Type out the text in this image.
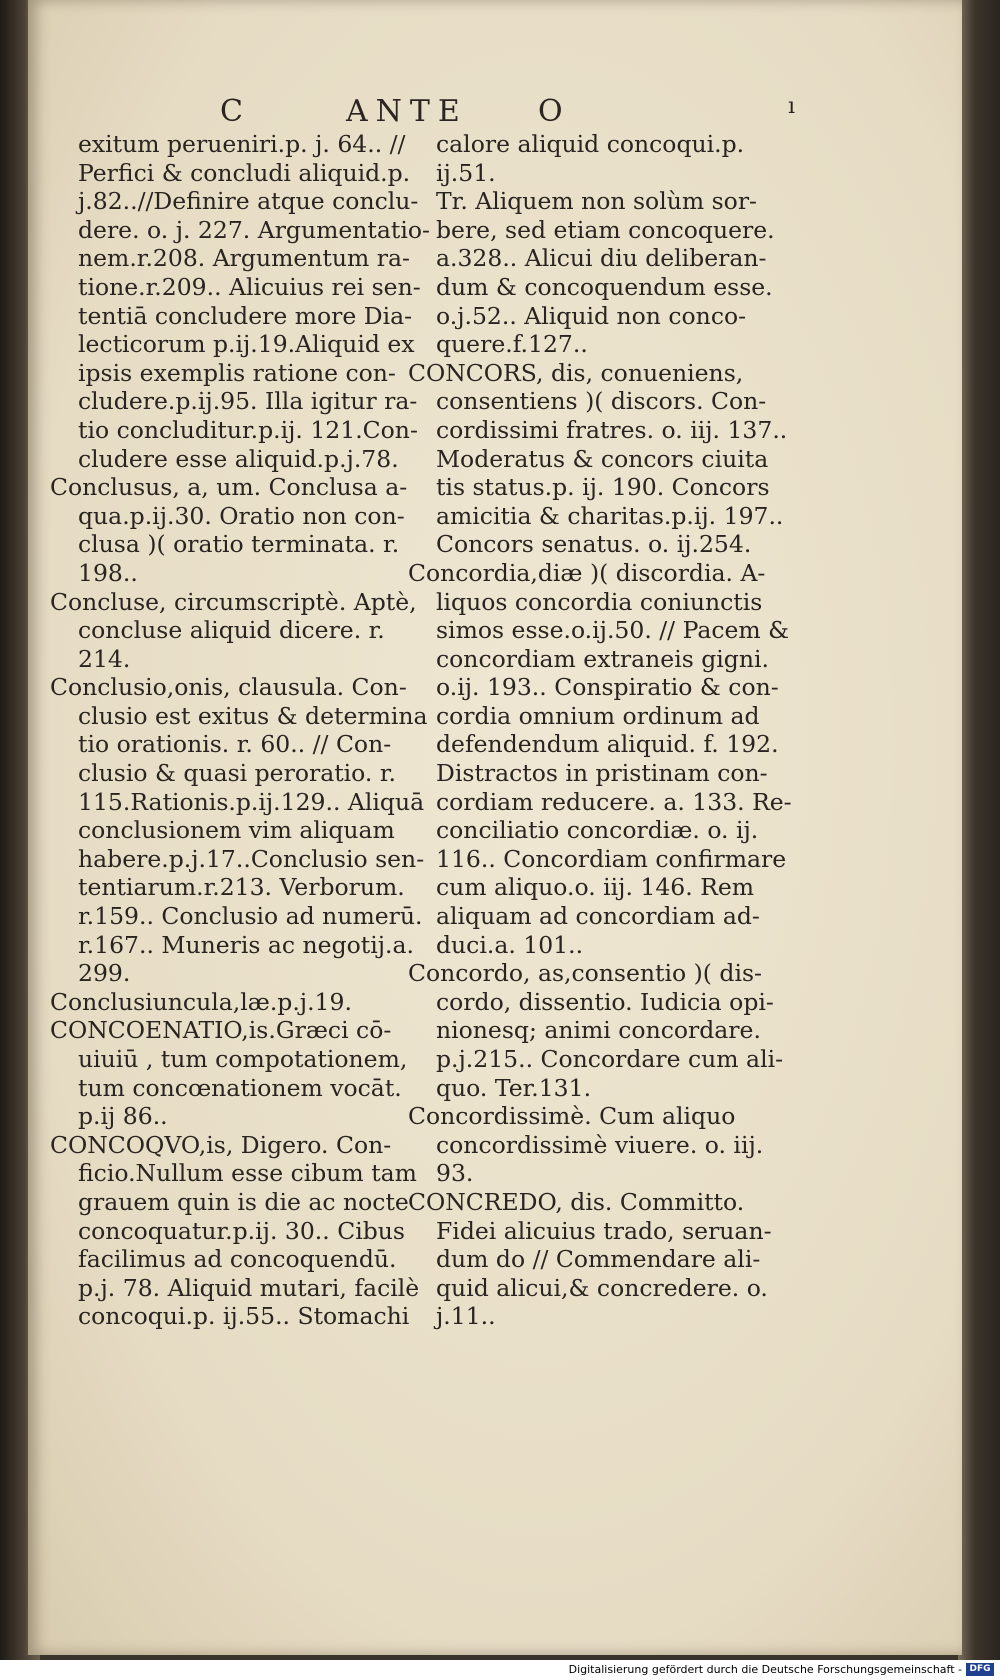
C	ANTE O	ı
exitum perueniri.p. j. 64.. //
Perfici & concludi aliquid.p.
j.82..//Definire atque conclu-
dere. o. j. 227. Argumentatio-
nem.r.208. Argumentum ra-
tione.r.209.. Alicuius rei sen-
tentiā concludere more Dia-
lecticorum p.ij.19.Aliquid ex
ipsis exemplis ratione con-
cludere.p.ij.95. Illa igitur ra-
tio concluditur.p.ij. 121.Con-
cludere esse aliquid.p.j.78.
Conclusus, a, um. Conclusa a-
qua.p.ij.30. Oratio non con-
clusa )( oratio terminata. r.
198..
Concluse, circumscriptè. Aptè,
concluse aliquid dicere. r.
214.
Conclusio,onis, clausula. Con-
clusio est exitus & determina
tio orationis. r. 60.. // Con-
clusio & quasi peroratio. r.
115.Rationis.p.ij.129.. Aliquā
conclusionem vim aliquam
habere.p.j.17..Conclusio sen-
tentiarum.r.213. Verborum.
r.159.. Conclusio ad numerū.
r.167.. Muneris ac negotij.a.
299.
Conclusiuncula,læ.p.j.19.
CONCOENATIO,is.Græci cō-
uiuiū , tum compotationem,
tum concœnationem vocāt.
p.ij 86..
CONCOQVO,is, Digero. Con-
ficio.Nullum esse cibum tam
grauem quin is die ac nocte
concoquatur.p.ij. 30.. Cibus
facilimus ad concoquendū.
p.j. 78. Aliquid mutari, facilè
concoqui.p. ij.55.. Stomachi
calore aliquid concoqui.p.
ij.51.
Tr. Aliquem non solùm sor-
bere, sed etiam concoquere.
a.328.. Alicui diu deliberan-
dum & concoquendum esse.
o.j.52.. Aliquid non conco-
quere.f.127..
CONCORS, dis, conueniens,
consentiens )( discors. Con-
cordissimi fratres. o. iij. 137..
Moderatus & concors ciuita
tis status.p. ij. 190. Concors
amicitia & charitas.p.ij. 197..
Concors senatus. o. ij.254.
Concordia,diæ )( discordia. A-
liquos concordia coniunctis
simos esse.o.ij.50. // Pacem &
concordiam extraneis gigni.
o.ij. 193.. Conspiratio & con-
cordia omnium ordinum ad
defendendum aliquid. f. 192.
Distractos in pristinam con-
cordiam reducere. a. 133. Re-
conciliatio concordiæ. o. ij.
116.. Concordiam confirmare
cum aliquo.o. iij. 146. Rem
aliquam ad concordiam ad-
duci.a. 101..
Concordo, as,consentio )( dis-
cordo, dissentio. Iudicia opi-
nionesq; animi concordare.
p.j.215.. Concordare cum ali-
quo. Ter.131.
Concordissimè. Cum aliquo
concordissimè viuere. o. iij.
93.
CONCREDO, dis. Committo.
Fidei alicuius trado, seruan-
dum do // Commendare ali-
quid alicui,& concredere. o.
j.11..
Digitalisierung gefördert durch die Deutsche Forschungsgemeinschaft - DFG
